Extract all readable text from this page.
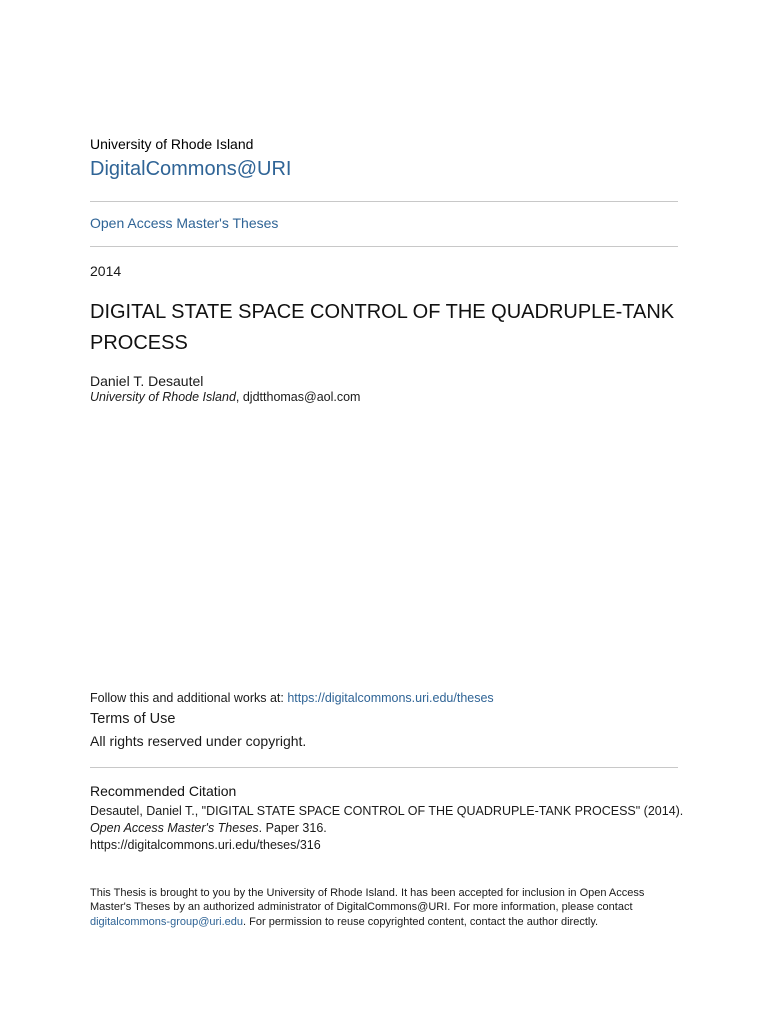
University of Rhode Island
DigitalCommons@URI
Open Access Master's Theses
2014
DIGITAL STATE SPACE CONTROL OF THE QUADRUPLE-TANK
PROCESS
Daniel T. Desautel
University of Rhode Island, djdtthomas@aol.com
Follow this and additional works at: https://digitalcommons.uri.edu/theses
Terms of Use
All rights reserved under copyright.
Recommended Citation
Desautel, Daniel T., "DIGITAL STATE SPACE CONTROL OF THE QUADRUPLE-TANK PROCESS" (2014).
Open Access Master's Theses. Paper 316.
https://digitalcommons.uri.edu/theses/316
This Thesis is brought to you by the University of Rhode Island. It has been accepted for inclusion in Open Access
Master's Theses by an authorized administrator of DigitalCommons@URI. For more information, please contact
digitalcommons-group@uri.edu. For permission to reuse copyrighted content, contact the author directly.
